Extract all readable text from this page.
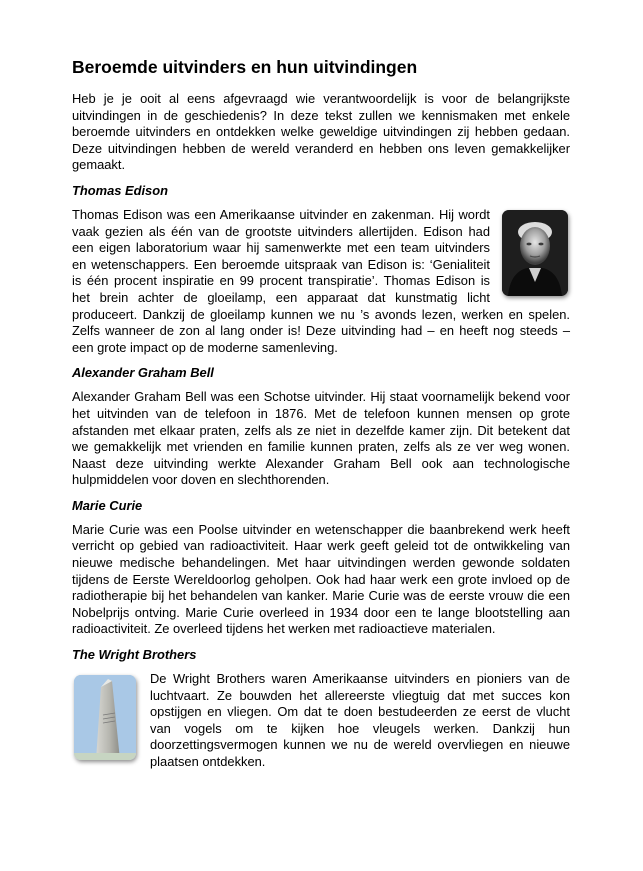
Beroemde uitvinders en hun uitvindingen

Heb je je ooit al eens afgevraagd wie verantwoordelijk is voor de belangrijkste uitvindingen in de geschiedenis? In deze tekst zullen we kennismaken met enkele beroemde uitvinders en ontdekken welke geweldige uitvindingen zij hebben gedaan. Deze uitvindingen hebben de wereld veranderd en hebben ons leven gemakkelijker gemaakt.

Thomas Edison

Thomas Edison was een Amerikaanse uitvinder en zakenman. Hij wordt vaak gezien als één van de grootste uitvinders allertijden. Edison had een eigen laboratorium waar hij samenwerkte met een team uitvinders en wetenschappers. Een beroemde uitspraak van Edison is: ‘Genialiteit is één procent inspiratie en 99 procent transpiratie’. Thomas Edison is het brein achter de gloeilamp, een apparaat dat kunstmatig licht produceert. Dankzij de gloeilamp kunnen we nu ’s avonds lezen, werken en spelen. Zelfs wanneer de zon al lang onder is! Deze uitvinding had – en heeft nog steeds – een grote impact op de moderne samenleving.

Alexander Graham Bell

Alexander Graham Bell was een Schotse uitvinder. Hij staat voornamelijk bekend voor het uitvinden van de telefoon in 1876. Met de telefoon kunnen mensen op grote afstanden met elkaar praten, zelfs als ze niet in dezelfde kamer zijn. Dit betekent dat we gemakkelijk met vrienden en familie kunnen praten, zelfs als ze ver weg wonen. Naast deze uitvinding werkte Alexander Graham Bell ook aan technologische hulpmiddelen voor doven en slechthorenden.

Marie Curie

Marie Curie was een Poolse uitvinder en wetenschapper die baanbrekend werk heeft verricht op gebied van radioactiviteit. Haar werk geeft geleid tot de ontwikkeling van nieuwe medische behandelingen. Met haar uitvindingen werden gewonde soldaten tijdens de Eerste Wereldoorlog geholpen. Ook had haar werk een grote invloed op de radiotherapie bij het behandelen van kanker. Marie Curie was de eerste vrouw die een Nobelprijs ontving. Marie Curie overleed in 1934 door een te lange blootstelling aan radioactiviteit. Ze overleed tijdens het werken met radioactieve materialen.

The Wright Brothers

De Wright Brothers waren Amerikaanse uitvinders en pioniers van de luchtvaart. Ze bouwden het allereerste vliegtuig dat met succes kon opstijgen en vliegen. Om dat te doen bestudeerden ze eerst de vlucht van vogels om te kijken hoe vleugels werken. Dankzij hun doorzettingsvermogen kunnen we nu de wereld overvliegen en nieuwe plaatsen ontdekken.
